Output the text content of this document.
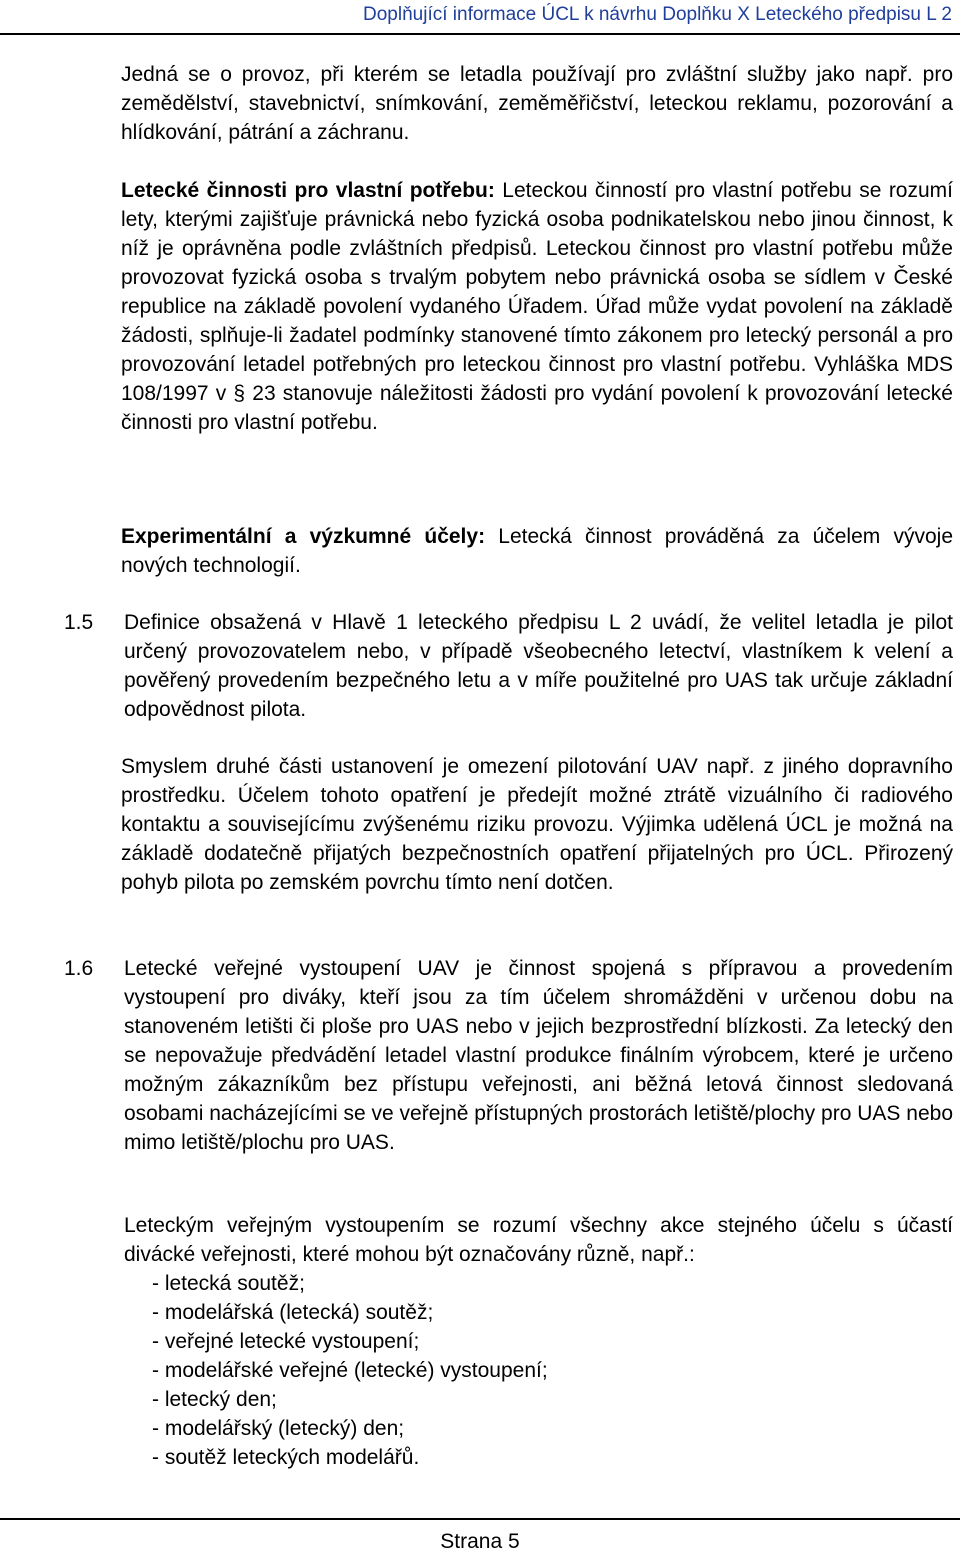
Doplňující informace ÚCL k návrhu Doplňku X Leteckého předpisu L 2

Jedná se o provoz, při kterém se letadla používají pro zvláštní služby jako např. pro zemědělství, stavebnictví, snímkování, zeměměřičství, leteckou reklamu, pozorování a hlídkování, pátrání a záchranu.

Letecké činnosti pro vlastní potřebu: Leteckou činností pro vlastní potřebu se rozumí lety, kterými zajišťuje právnická nebo fyzická osoba podnikatelskou nebo jinou činnost, k níž je oprávněna podle zvláštních předpisů. Leteckou činnost pro vlastní potřebu může provozovat fyzická osoba s trvalým pobytem nebo právnická osoba se sídlem v České republice na základě povolení vydaného Úřadem. Úřad může vydat povolení na základě žádosti, splňuje-li žadatel podmínky stanovené tímto zákonem pro letecký personál a pro provozování letadel potřebných pro leteckou činnost pro vlastní potřebu. Vyhláška MDS 108/1997 v § 23 stanovuje náležitosti žádosti pro vydání povolení k provozování letecké činnosti pro vlastní potřebu.

Experimentální a výzkumné účely: Letecká činnost prováděná za účelem vývoje nových technologií.

1.5 Definice obsažená v Hlavě 1 leteckého předpisu L 2 uvádí, že velitel letadla je pilot určený provozovatelem nebo, v případě všeobecného letectví, vlastníkem k velení a pověřený provedením bezpečného letu a v míře použitelné pro UAS tak určuje základní odpovědnost pilota.

Smyslem druhé části ustanovení je omezení pilotování UAV např. z jiného dopravního prostředku. Účelem tohoto opatření je předejít možné ztrátě vizuálního či radiového kontaktu a souvisejícímu zvýšenému riziku provozu. Výjimka udělená ÚCL je možná na základě dodatečně přijatých bezpečnostních opatření přijatelných pro ÚCL. Přirozený pohyb pilota po zemském povrchu tímto není dotčen.

1.6 Letecké veřejné vystoupení UAV je činnost spojená s přípravou a provedením vystoupení pro diváky, kteří jsou za tím účelem shromážděni v určenou dobu na stanoveném letišti či ploše pro UAS nebo v jejich bezprostřední blízkosti. Za letecký den se nepovažuje předvádění letadel vlastní produkce finálním výrobcem, které je určeno možným zákazníkům bez přístupu veřejnosti, ani běžná letová činnost sledovaná osobami nacházejícími se ve veřejně přístupných prostorách letiště/plochy pro UAS nebo mimo letiště/plochu pro UAS.

Leteckým veřejným vystoupením se rozumí všechny akce stejného účelu s účastí divácké veřejnosti, které mohou být označovány různě, např.:

- letecká soutěž;
- modelářská (letecká) soutěž;
- veřejné letecké vystoupení;
- modelářské veřejné (letecké) vystoupení;
- letecký den;
- modelářský (letecký) den;
- soutěž leteckých modelářů.
Strana 5
